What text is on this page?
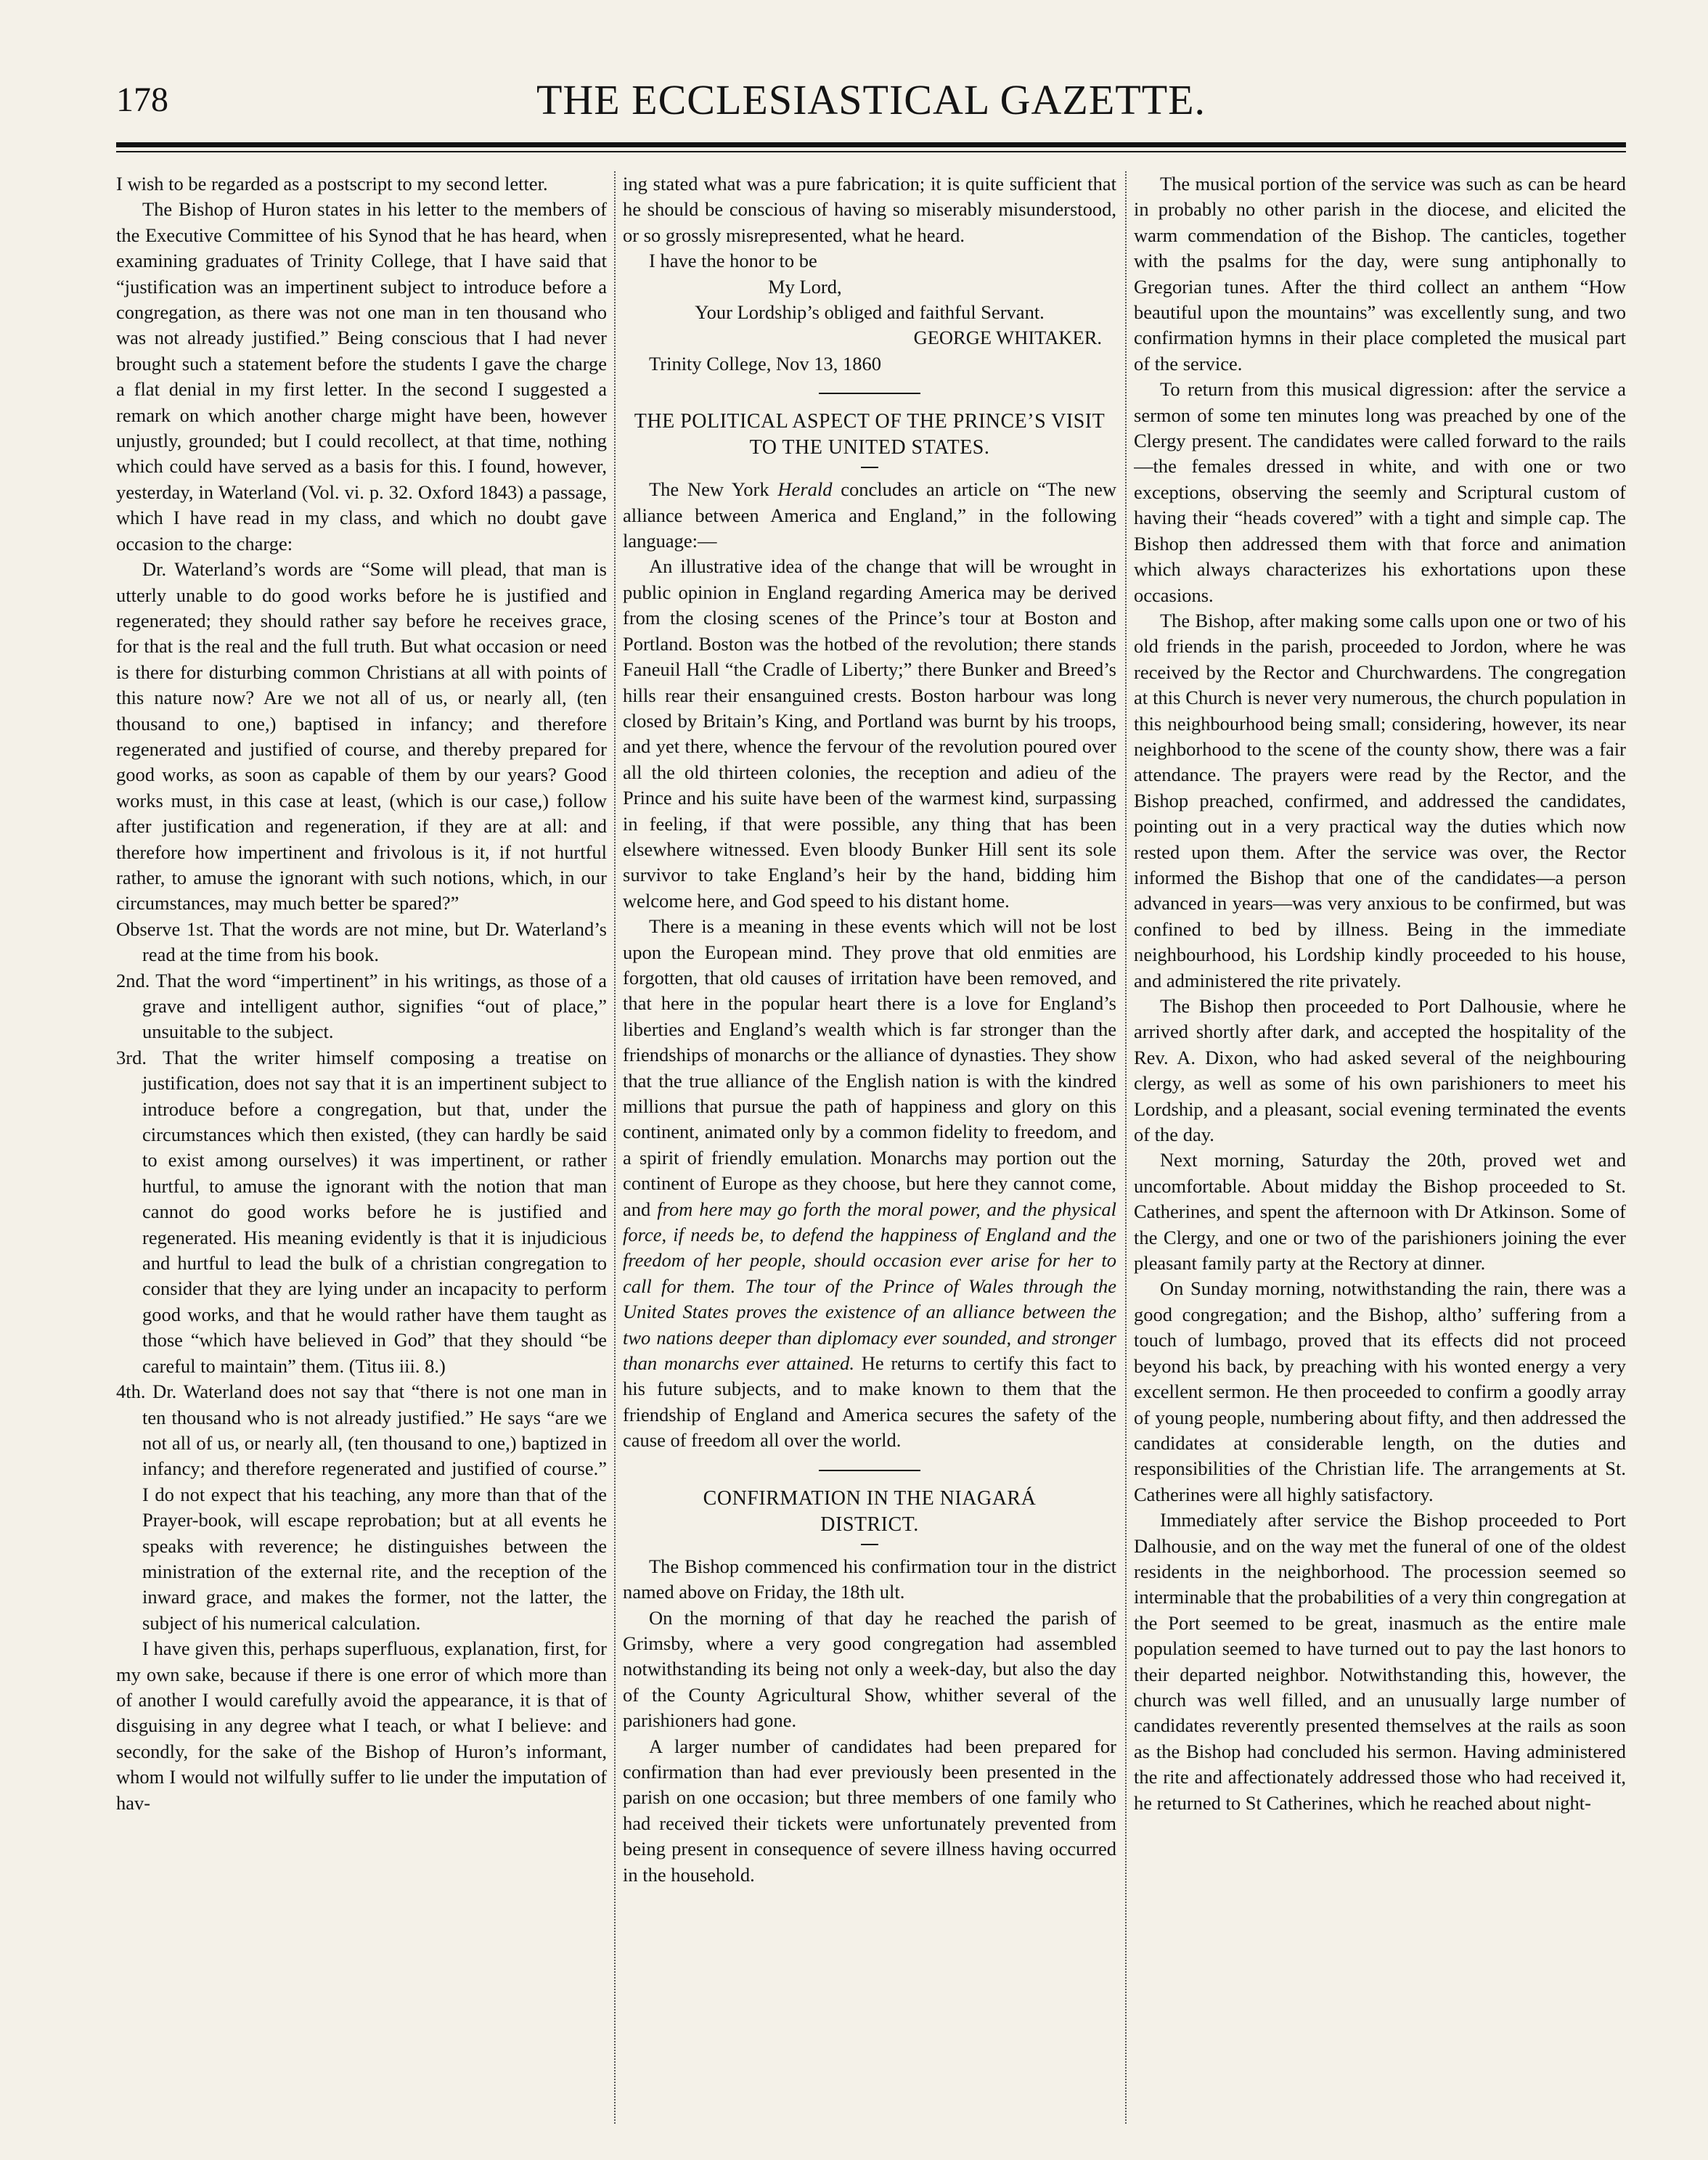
178	THE ECCLESIASTICAL GAZETTE.

I wish to be regarded as a postscript to my second letter.

The Bishop of Huron states in his letter to the members of the Executive Committee of his Synod that he has heard, when examining graduates of Trinity College, that I have said that “justification was an impertinent subject to introduce before a congregation, as there was not one man in ten thousand who was not already justified.” Being conscious that I had never brought such a statement before the students I gave the charge a flat denial in my first letter. In the second I suggested a remark on which another charge might have been, however unjustly, grounded; but I could recollect, at that time, nothing which could have served as a basis for this. I found, however, yesterday, in Waterland (Vol. vi. p. 32. Oxford 1843) a passage, which I have read in my class, and which no doubt gave occasion to the charge:

Dr. Waterland’s words are “Some will plead, that man is utterly unable to do good works before he is justified and regenerated; they should rather say before he receives grace, for that is the real and the full truth. But what occasion or need is there for disturbing common Christians at all with points of this nature now? Are we not all of us, or nearly all, (ten thousand to one,) baptised in infancy; and therefore regenerated and justified of course, and thereby prepared for good works, as soon as capable of them by our years? Good works must, in this case at least, (which is our case,) follow after justification and regeneration, if they are at all: and therefore how impertinent and frivolous is it, if not hurtful rather, to amuse the ignorant with such notions, which, in our circumstances, may much better be spared?”

Observe 1st. That the words are not mine, but Dr. Waterland’s read at the time from his book.

2nd. That the word “impertinent” in his writings, as those of a grave and intelligent author, signifies “out of place,” unsuitable to the subject.

3rd. That the writer himself composing a treatise on justification, does not say that it is an impertinent subject to introduce before a congregation, but that, under the circumstances which then existed, (they can hardly be said to exist among ourselves) it was impertinent, or rather hurtful, to amuse the ignorant with the notion that man cannot do good works before he is justified and regenerated. His meaning evidently is that it is injudicious and hurtful to lead the bulk of a christian congregation to consider that they are lying under an incapacity to perform good works, and that he would rather have them taught as those “which have believed in God” that they should “be careful to maintain” them. (Titus iii. 8.)

4th. Dr. Waterland does not say that “there is not one man in ten thousand who is not already justified.” He says “are we not all of us, or nearly all, (ten thousand to one,) baptized in infancy; and therefore regenerated and justified of course.” I do not expect that his teaching, any more than that of the Prayer-book, will escape reprobation; but at all events he speaks with reverence; he distinguishes between the ministration of the external rite, and the reception of the inward grace, and makes the former, not the latter, the subject of his numerical calculation.

I have given this, perhaps superfluous, explanation, first, for my own sake, because if there is one error of which more than of another I would carefully avoid the appearance, it is that of disguising in any degree what I teach, or what I believe: and secondly, for the sake of the Bishop of Huron’s informant, whom I would not wilfully suffer to lie under the imputation of hav-

ing stated what was a pure fabrication; it is quite sufficient that he should be conscious of having so miserably misunderstood, or so grossly misrepresented, what he heard.

I have the honor to be

My Lord,

Your Lordship’s obliged and faithful Servant.

GEORGE WHITAKER.

Trinity College, Nov 13, 1860

THE POLITICAL ASPECT OF THE PRINCE’S VISIT TO THE UNITED STATES.

The New York Herald concludes an article on “The new alliance between America and England,” in the following language:—

An illustrative idea of the change that will be wrought in public opinion in England regarding America may be derived from the closing scenes of the Prince’s tour at Boston and Portland. Boston was the hotbed of the revolution; there stands Faneuil Hall “the Cradle of Liberty;” there Bunker and Breed’s hills rear their ensanguined crests. Boston harbour was long closed by Britain’s King, and Portland was burnt by his troops, and yet there, whence the fervour of the revolution poured over all the old thirteen colonies, the reception and adieu of the Prince and his suite have been of the warmest kind, surpassing in feeling, if that were possible, any thing that has been elsewhere witnessed. Even bloody Bunker Hill sent its sole survivor to take England’s heir by the hand, bidding him welcome here, and God speed to his distant home.

There is a meaning in these events which will not be lost upon the European mind. They prove that old enmities are forgotten, that old causes of irritation have been removed, and that here in the popular heart there is a love for England’s liberties and England’s wealth which is far stronger than the friendships of monarchs or the alliance of dynasties. They show that the true alliance of the English nation is with the kindred millions that pursue the path of happiness and glory on this continent, animated only by a common fidelity to freedom, and a spirit of friendly emulation. Monarchs may portion out the continent of Europe as they choose, but here they cannot come, and from here may go forth the moral power, and the physical force, if needs be, to defend the happiness of England and the freedom of her people, should occasion ever arise for her to call for them. The tour of the Prince of Wales through the United States proves the existence of an alliance between the two nations deeper than diplomacy ever sounded, and stronger than monarchs ever attained. He returns to certify this fact to his future subjects, and to make known to them that the friendship of England and America secures the safety of the cause of freedom all over the world.

CONFIRMATION IN THE NIAGARÁ DISTRICT.

The Bishop commenced his confirmation tour in the district named above on Friday, the 18th ult.

On the morning of that day he reached the parish of Grimsby, where a very good congregation had assembled notwithstanding its being not only a week-day, but also the day of the County Agricultural Show, whither several of the parishioners had gone.

A larger number of candidates had been prepared for confirmation than had ever previously been presented in the parish on one occasion; but three members of one family who had received their tickets were unfortunately prevented from being present in consequence of severe illness having occurred in the household.

The musical portion of the service was such as can be heard in probably no other parish in the diocese, and elicited the warm commendation of the Bishop. The canticles, together with the psalms for the day, were sung antiphonally to Gregorian tunes. After the third collect an anthem “How beautiful upon the mountains” was excellently sung, and two confirmation hymns in their place completed the musical part of the service.

To return from this musical digression: after the service a sermon of some ten minutes long was preached by one of the Clergy present. The candidates were called forward to the rails—the females dressed in white, and with one or two exceptions, observing the seemly and Scriptural custom of having their “heads covered” with a tight and simple cap. The Bishop then addressed them with that force and animation which always characterizes his exhortations upon these occasions.

The Bishop, after making some calls upon one or two of his old friends in the parish, proceeded to Jordon, where he was received by the Rector and Churchwardens. The congregation at this Church is never very numerous, the church population in this neighbourhood being small; considering, however, its near neighborhood to the scene of the county show, there was a fair attendance. The prayers were read by the Rector, and the Bishop preached, confirmed, and addressed the candidates, pointing out in a very practical way the duties which now rested upon them. After the service was over, the Rector informed the Bishop that one of the candidates—a person advanced in years—was very anxious to be confirmed, but was confined to bed by illness. Being in the immediate neighbourhood, his Lordship kindly proceeded to his house, and administered the rite privately.

The Bishop then proceeded to Port Dalhousie, where he arrived shortly after dark, and accepted the hospitality of the Rev. A. Dixon, who had asked several of the neighbouring clergy, as well as some of his own parishioners to meet his Lordship, and a pleasant, social evening terminated the events of the day.

Next morning, Saturday the 20th, proved wet and uncomfortable. About midday the Bishop proceeded to St. Catherines, and spent the afternoon with Dr Atkinson. Some of the Clergy, and one or two of the parishioners joining the ever pleasant family party at the Rectory at dinner.

On Sunday morning, notwithstanding the rain, there was a good congregation; and the Bishop, altho’ suffering from a touch of lumbago, proved that its effects did not proceed beyond his back, by preaching with his wonted energy a very excellent sermon. He then proceeded to confirm a goodly array of young people, numbering about fifty, and then addressed the candidates at considerable length, on the duties and responsibilities of the Christian life. The arrangements at St. Catherines were all highly satisfactory.

Immediately after service the Bishop proceeded to Port Dalhousie, and on the way met the funeral of one of the oldest residents in the neighborhood. The procession seemed so interminable that the probabilities of a very thin congregation at the Port seemed to be great, inasmuch as the entire male population seemed to have turned out to pay the last honors to their departed neighbor. Notwithstanding this, however, the church was well filled, and an unusually large number of candidates reverently presented themselves at the rails as soon as the Bishop had concluded his sermon. Having administered the rite and affectionately addressed those who had received it, he returned to St Catherines, which he reached about night-
